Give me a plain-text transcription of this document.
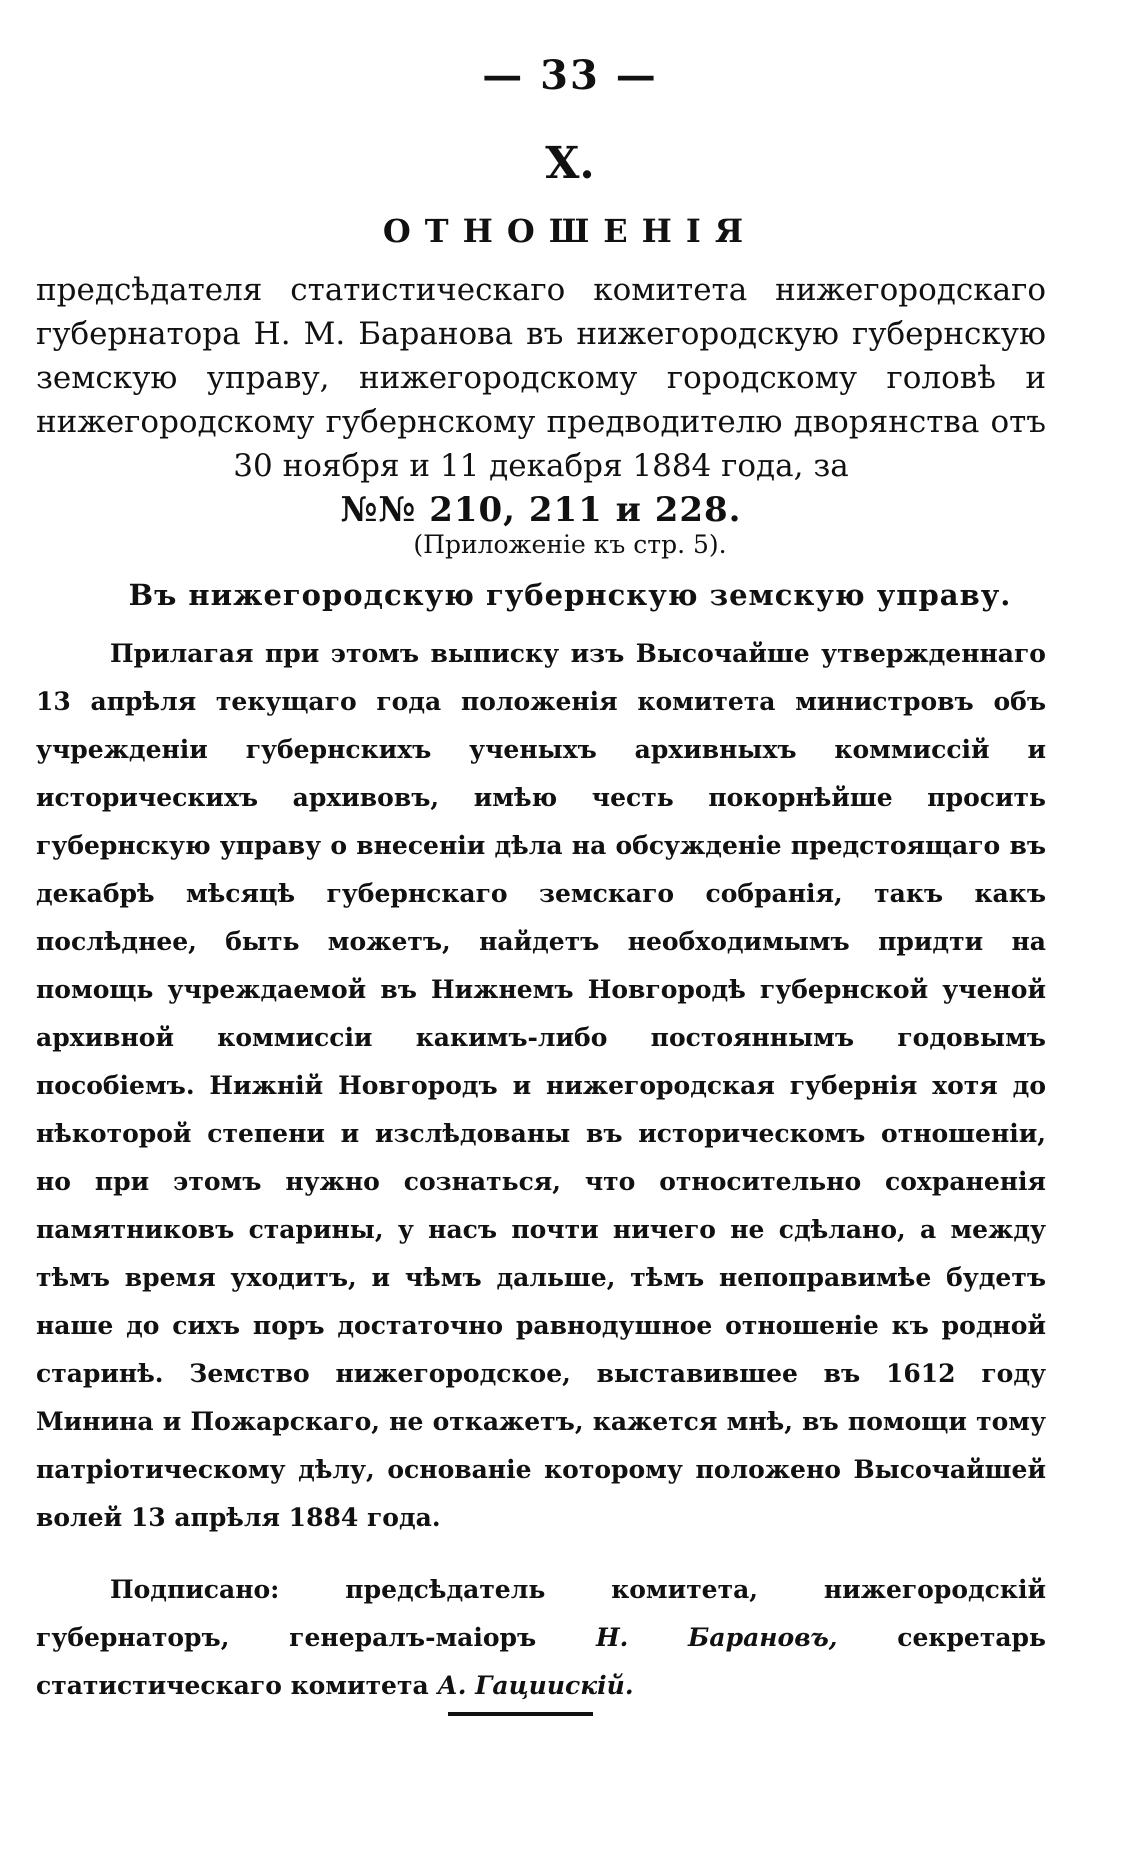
— 33 —
X.
ОТНОШЕНІЯ

предсѣдателя статистическаго комитета нижегородскаго губернатора Н. М. Баранова въ нижегородскую губернскую земскую управу, нижегородскому городскому головѣ и нижегородскому губернскому предводителю дворянства отъ 30 ноября и 11 декабря 1884 года, за

№№ 210, 211 и 228.

(Приложеніе къ стр. 5).
Въ нижегородскую губернскую земскую управу.

Прилагая при этомъ выписку изъ Высочайше утвержденнаго 13 апрѣля текущаго года положенія комитета министровъ объ учрежденіи губернскихъ ученыхъ архивныхъ коммиссій и историческихъ архивовъ, имѣю честь покорнѣйше просить губернскую управу о внесеніи дѣла на обсужденіе предстоящаго въ декабрѣ мѣсяцѣ губернскаго земскаго собранія, такъ какъ послѣднее, быть можетъ, найдетъ необходимымъ придти на помощь учреждаемой въ Нижнемъ Новгородѣ губернской ученой архивной коммиссіи какимъ-либо постояннымъ годовымъ пособіемъ. Нижній Новгородъ и нижегородская губернія хотя до нѣкоторой степени и изслѣдованы въ историческомъ отношеніи, но при этомъ нужно сознаться, что относительно сохраненія памятниковъ старины, у насъ почти ничего не сдѣлано, а между тѣмъ время уходитъ, и чѣмъ дальше, тѣмъ непоправимѣе будетъ наше до сихъ поръ достаточно равнодушное отношеніе къ родной старинѣ. Земство нижегородское, выставившее въ 1612 году Минина и Пожарскаго, не откажетъ, кажется мнѣ, въ помощи тому патріотическому дѣлу, основаніе которому положено Высочайшей волей 13 апрѣля 1884 года.

Подписано: предсѣдатель комитета, нижегородскій губернаторъ, генералъ-маіоръ Н. Барановъ, секретарь статистическаго комитета А. Гациискій.
